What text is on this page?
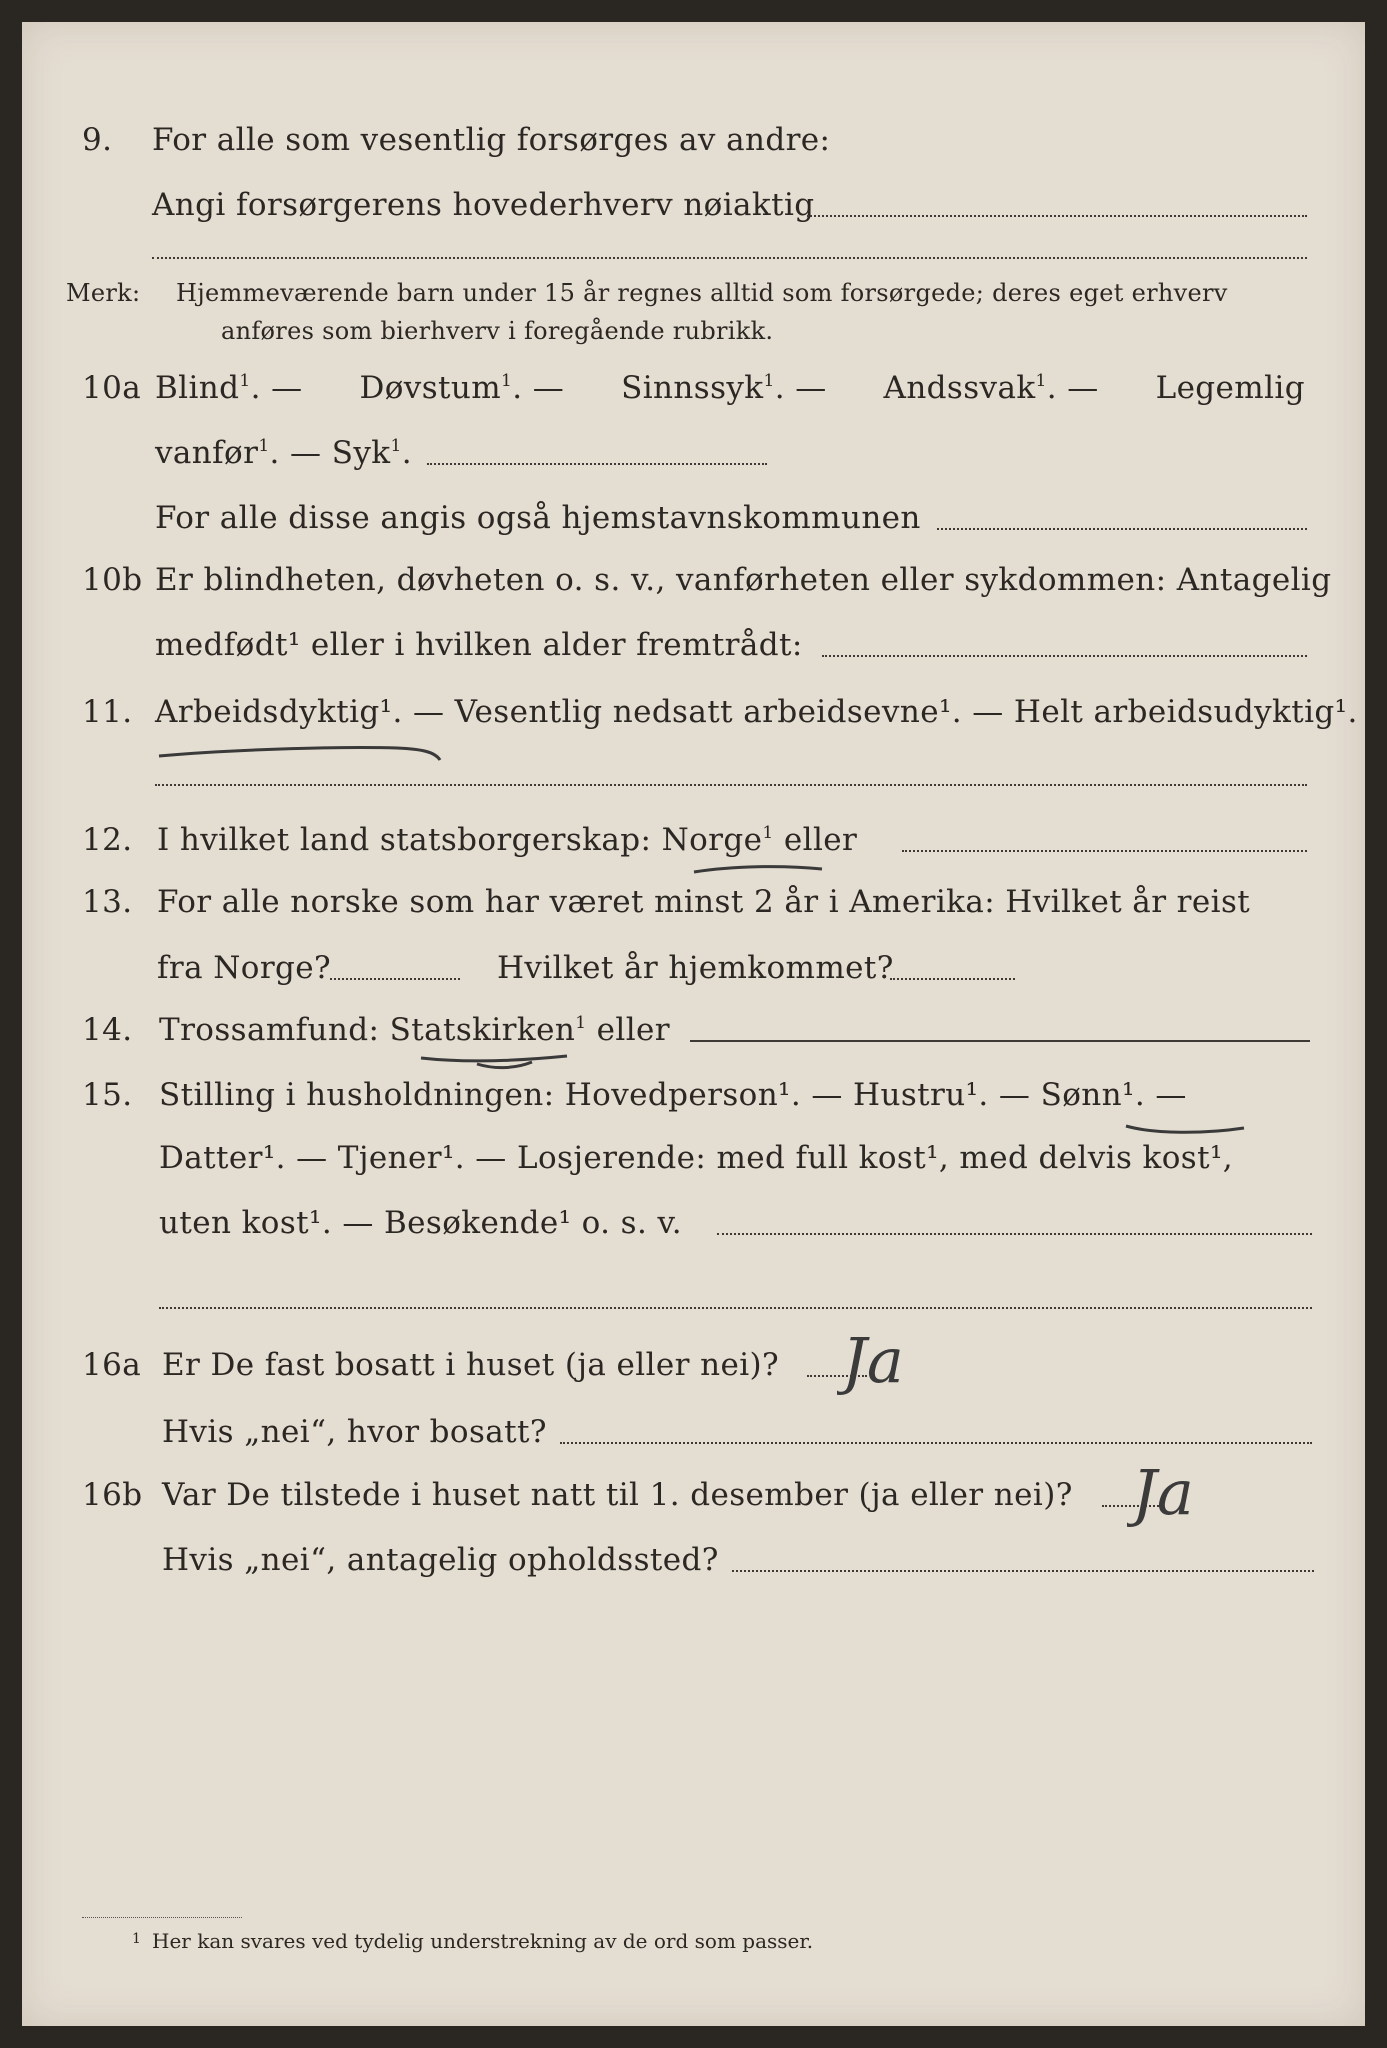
9. For alle som vesentlig forsørges av andre:
Angi forsørgerens hovederhverv nøiaktig
Merk: Hjemmeværende barn under 15 år regnes alltid som forsørgede; deres eget erhverv
anføres som bierhverv i foregående rubrikk.
10a Blind$^1$. — Døvstum$^1$. — Sinnssyk$^1$. — Andssvak$^1$. — Legemlig
vanfør$^1$. — Syk$^1$.
For alle disse angis også hjemstavnskommunen
10b Er blindheten, døvheten o. s. v., vanførheten eller sykdommen: Antagelig
medfødt¹ eller i hvilken alder fremtrådt:
11. Arbeidsdyktig¹. — Vesentlig nedsatt arbeidsevne¹. — Helt arbeidsudyktig¹.
12. I hvilket land statsborgerskap: Norge$^1$ eller
13. For alle norske som har været minst 2 år i Amerika: Hvilket år reist
fra Norge?	Hvilket år hjemkommet?
14. Trossamfund: Statskirken$^1$ eller
15. Stilling i husholdningen: Hovedperson¹. — Hustru¹. — Sønn¹. —
Datter¹. — Tjener¹. — Losjerende: med full kost¹, med delvis kost¹,
uten kost¹. — Besøkende¹ o. s. v.
16a Er De fast bosatt i huset (ja eller nei)? Ja
Hvis „nei“, hvor bosatt?
16b Var De tilstede i huset natt til 1. desember (ja eller nei)? Ja
Hvis „nei“, antagelig opholdssted?
1 Her kan svares ved tydelig understrekning av de ord som passer.
